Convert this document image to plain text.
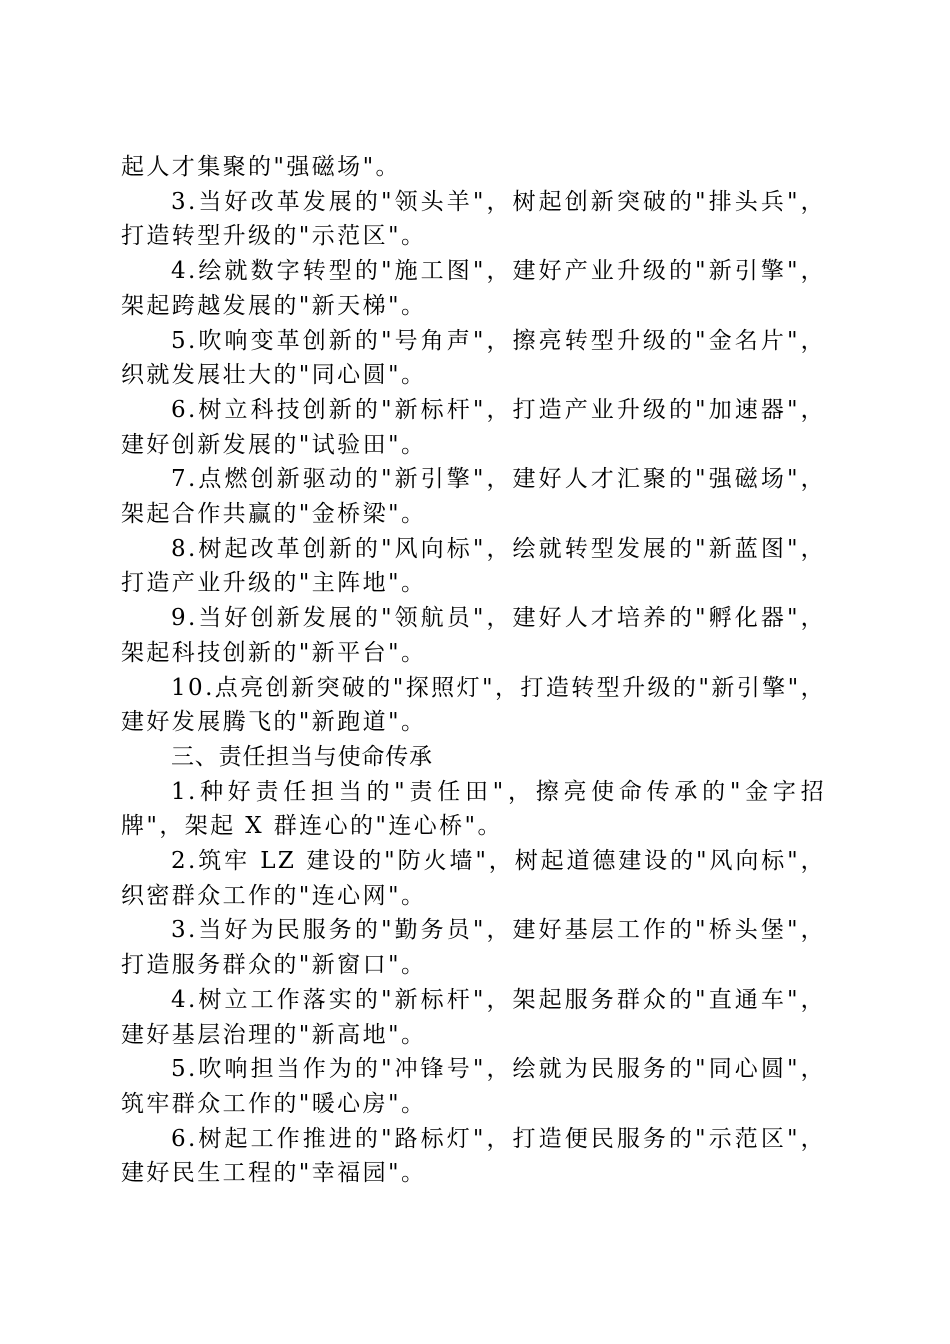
起人才集聚的"强磁场"。

3.当好改革发展的"领头羊"，树起创新突破的"排头兵"，打造转型升级的"示范区"。

4.绘就数字转型的"施工图"，建好产业升级的"新引擎"，架起跨越发展的"新天梯"。

5.吹响变革创新的"号角声"，擦亮转型升级的"金名片"，织就发展壮大的"同心圆"。

6.树立科技创新的"新标杆"，打造产业升级的"加速器"，建好创新发展的"试验田"。

7.点燃创新驱动的"新引擎"，建好人才汇聚的"强磁场"，架起合作共赢的"金桥梁"。

8.树起改革创新的"风向标"，绘就转型发展的"新蓝图"，打造产业升级的"主阵地"。

9.当好创新发展的"领航员"，建好人才培养的"孵化器"，架起科技创新的"新平台"。

10.点亮创新突破的"探照灯"，打造转型升级的"新引擎"，建好发展腾飞的"新跑道"。

三、责任担当与使命传承

1.种好责任担当的"责任田"，擦亮使命传承的"金字招牌"，架起 X 群连心的"连心桥"。

2.筑牢 LZ 建设的"防火墙"，树起道德建设的"风向标"，织密群众工作的"连心网"。

3.当好为民服务的"勤务员"，建好基层工作的"桥头堡"，打造服务群众的"新窗口"。

4.树立工作落实的"新标杆"，架起服务群众的"直通车"，建好基层治理的"新高地"。

5.吹响担当作为的"冲锋号"，绘就为民服务的"同心圆"，筑牢群众工作的"暖心房"。

6.树起工作推进的"路标灯"，打造便民服务的"示范区"，建好民生工程的"幸福园"。
